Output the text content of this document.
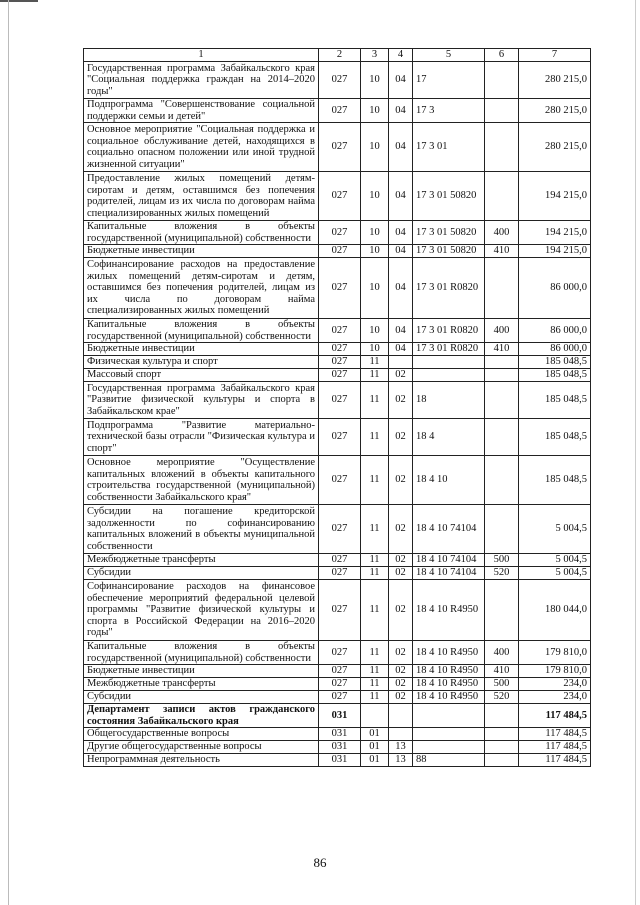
1	2	3	4	5	6	7
Государственная программа Забайкальского края "Социальная поддержка граждан на 2014–2020 годы"	027	10	04	17		280 215,0
Подпрограмма "Совершенствование социальной поддержки семьи и детей"	027	10	04	17 3		280 215,0
Основное мероприятие "Социальная поддержка и социальное обслуживание детей, находящихся в социально опасном положении или иной трудной жизненной ситуации"	027	10	04	17 3 01		280 215,0
Предоставление жилых помещений детям-сиротам и детям, оставшимся без попечения родителей, лицам из их числа по договорам найма специализированных жилых помещений	027	10	04	17 3 01 50820		194 215,0
Капитальные вложения в объекты государственной (муниципальной) собственности	027	10	04	17 3 01 50820	400	194 215,0
Бюджетные инвестиции	027	10	04	17 3 01 50820	410	194 215,0
Софинансирование расходов на предоставление жилых помещений детям-сиротам и детям, оставшимся без попечения родителей, лицам из их числа по договорам найма специализированных жилых помещений	027	10	04	17 3 01 R0820		86 000,0
Капитальные вложения в объекты государственной (муниципальной) собственности	027	10	04	17 3 01 R0820	400	86 000,0
Бюджетные инвестиции	027	10	04	17 3 01 R0820	410	86 000,0
Физическая культура и спорт	027	11				185 048,5
Массовый спорт	027	11	02			185 048,5
Государственная программа Забайкальского края "Развитие физической культуры и спорта в Забайкальском крае"	027	11	02	18		185 048,5
Подпрограмма "Развитие материально-технической базы отрасли "Физическая культура и спорт"	027	11	02	18 4		185 048,5
Основное мероприятие "Осуществление капитальных вложений в объекты капитального строительства государственной (муниципальной) собственности Забайкальского края"	027	11	02	18 4 10		185 048,5
Субсидии на погашение кредиторской задолженности по софинансированию капитальных вложений в объекты муниципальной собственности	027	11	02	18 4 10 74104		5 004,5
Межбюджетные трансферты	027	11	02	18 4 10 74104	500	5 004,5
Субсидии	027	11	02	18 4 10 74104	520	5 004,5
Софинансирование расходов на финансовое обеспечение мероприятий федеральной целевой программы "Развитие физической культуры и спорта в Российской Федерации на 2016–2020 годы"	027	11	02	18 4 10 R4950		180 044,0
Капитальные вложения в объекты государственной (муниципальной) собственности	027	11	02	18 4 10 R4950	400	179 810,0
Бюджетные инвестиции	027	11	02	18 4 10 R4950	410	179 810,0
Межбюджетные трансферты	027	11	02	18 4 10 R4950	500	234,0
Субсидии	027	11	02	18 4 10 R4950	520	234,0
Департамент записи актов гражданского состояния Забайкальского края	031					117 484,5
Общегосударственные вопросы	031	01				117 484,5
Другие общегосударственные вопросы	031	01	13			117 484,5
Непрограммная деятельность	031	01	13	88		117 484,5
86
